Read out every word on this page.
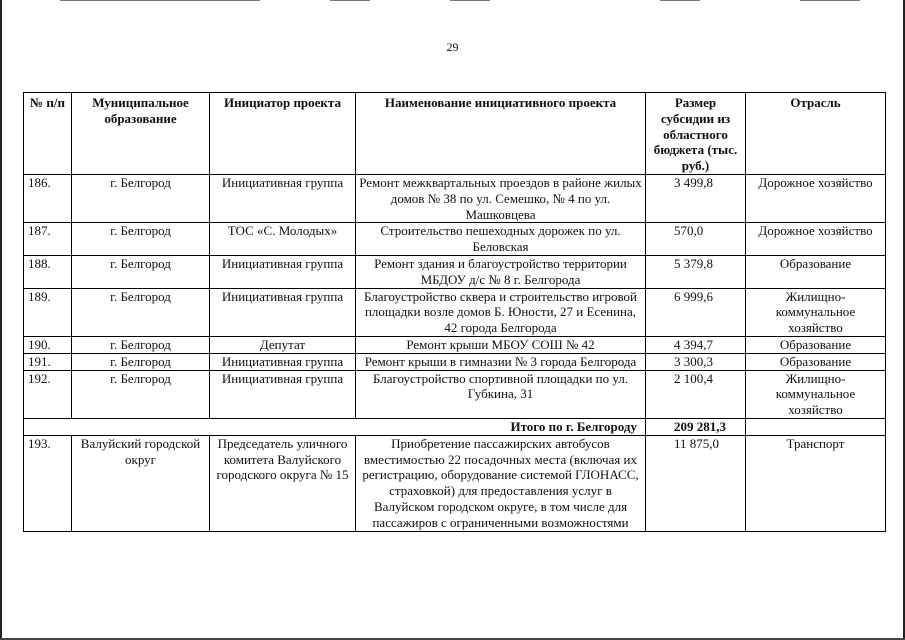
29
№ п/п	Муниципальное образование	Инициатор проекта	Наименование инициативного проекта	Размер субсидии из областного бюджета (тыс. руб.)	Отрасль
186.	г. Белгород	Инициативная группа	Ремонт межквартальных проездов в районе жилых домов № 38 по ул. Семешко, № 4 по ул. Машковцева	3 499,8	Дорожное хозяйство
187.	г. Белгород	ТОС «С. Молодых»	Строительство пешеходных дорожек по ул. Беловская	570,0	Дорожное хозяйство
188.	г. Белгород	Инициативная группа	Ремонт здания и благоустройство территории МБДОУ д/с № 8 г. Белгорода	5 379,8	Образование
189.	г. Белгород	Инициативная группа	Благоустройство сквера и строительство игровой площадки возле домов Б. Юности, 27 и Есенина, 42 города Белгорода	6 999,6	Жилищно-коммунальное хозяйство
190.	г. Белгород	Депутат	Ремонт крыши МБОУ СОШ № 42	4 394,7	Образование
191.	г. Белгород	Инициативная группа	Ремонт крыши в гимназии № 3 города Белгорода	3 300,3	Образование
192.	г. Белгород	Инициативная группа	Благоустройство спортивной площадки по ул. Губкина, 31	2 100,4	Жилищно-коммунальное хозяйство
Итого по г. Белгороду				209 281,3	
193.	Валуйский городской округ	Председатель уличного комитета Валуйского городского округа № 15	Приобретение пассажирских автобусов вместимостью 22 посадочных места (включая их регистрацию, оборудование системой ГЛОНАСС, страховкой) для предоставления услуг в Валуйском городском округе, в том числе для пассажиров с ограниченными возможностями	11 875,0	Транспорт
